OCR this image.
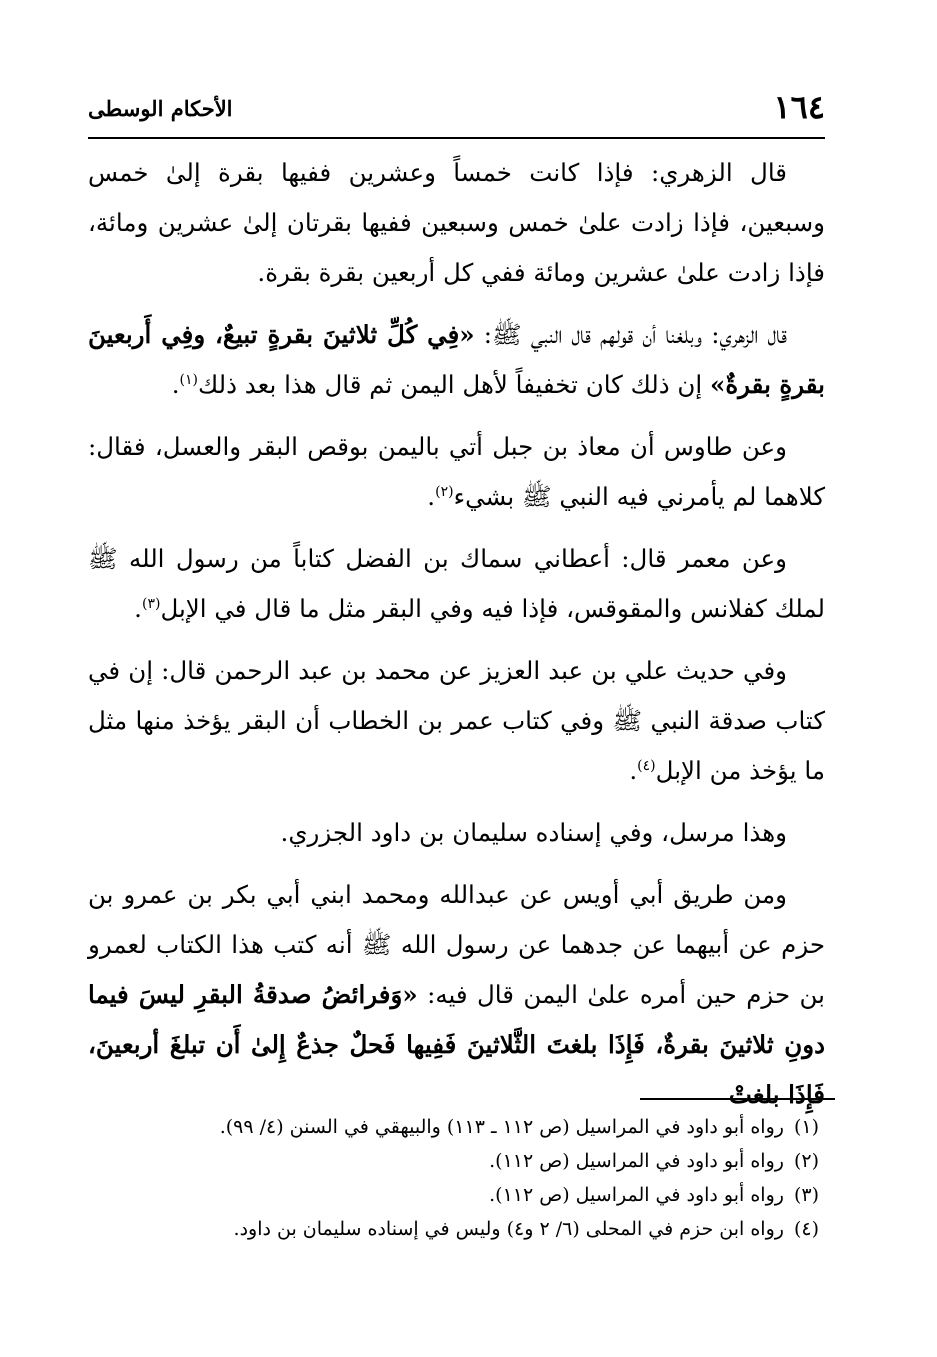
١٦٤
الأحكام الوسطى

قال الزهري: فإذا كانت خمساً وعشرين ففيها بقرة إلىٰ خمس وسبعين، فإذا زادت علىٰ خمس وسبعين ففيها بقرتان إلىٰ عشرين ومائة، فإذا زادت علىٰ عشرين ومائة ففي كل أربعين بقرة بقرة.

قال الزهري: وبلغنا أن قولهم قال النبي ﷺ: «فِي كُلِّ ثلاثينَ بقرةٍ تبيعٌ، وفِي أَربعينَ بقرةٍ بقرةٌ» إن ذلك كان تخفيفاً لأهل اليمن ثم قال هذا بعد ذلك$^{(١)}$.

وعن طاوس أن معاذ بن جبل أتي باليمن بوقص البقر والعسل، فقال: كلاهما لم يأمرني فيه النبي ﷺ بشيء$^{(٢)}$.

وعن معمر قال: أعطاني سماك بن الفضل كتاباً من رسول الله ﷺ لملك كفلانس والمقوقس، فإذا فيه وفي البقر مثل ما قال في الإبل$^{(٣)}$.

وفي حديث علي بن عبد العزيز عن محمد بن عبد الرحمن قال: إن في كتاب صدقة النبي ﷺ وفي كتاب عمر بن الخطاب أن البقر يؤخذ منها مثل ما يؤخذ من الإبل$^{(٤)}$.

وهذا مرسل، وفي إسناده سليمان بن داود الجزري.

ومن طريق أبي أويس عن عبدالله ومحمد ابني أبي بكر بن عمرو بن حزم عن أبيهما عن جدهما عن رسول الله ﷺ أنه كتب هذا الكتاب لعمرو بن حزم حين أمره علىٰ اليمن قال فيه: «وَفرائضُ صدقةُ البقرِ ليسَ فيما دونِ ثلاثينَ بقرةٌ، فَإِذَا بلغتَ الثَّلاثينَ فَفِيها فَحلٌ جذعٌ إِلىٰ أَن تبلغَ أربعينَ، فَإِذَا بلغتْ

(١)رواه أبو داود في المراسيل (ص ١١٢ ـ ١١٣) والبيهقي في السنن (٤/ ٩٩).

(٢)رواه أبو داود في المراسيل (ص ١١٢).

(٣)رواه أبو داود في المراسيل (ص ١١٢).

(٤)رواه ابن حزم في المحلى (٦/ ٢ و٤) وليس في إسناده سليمان بن داود.
